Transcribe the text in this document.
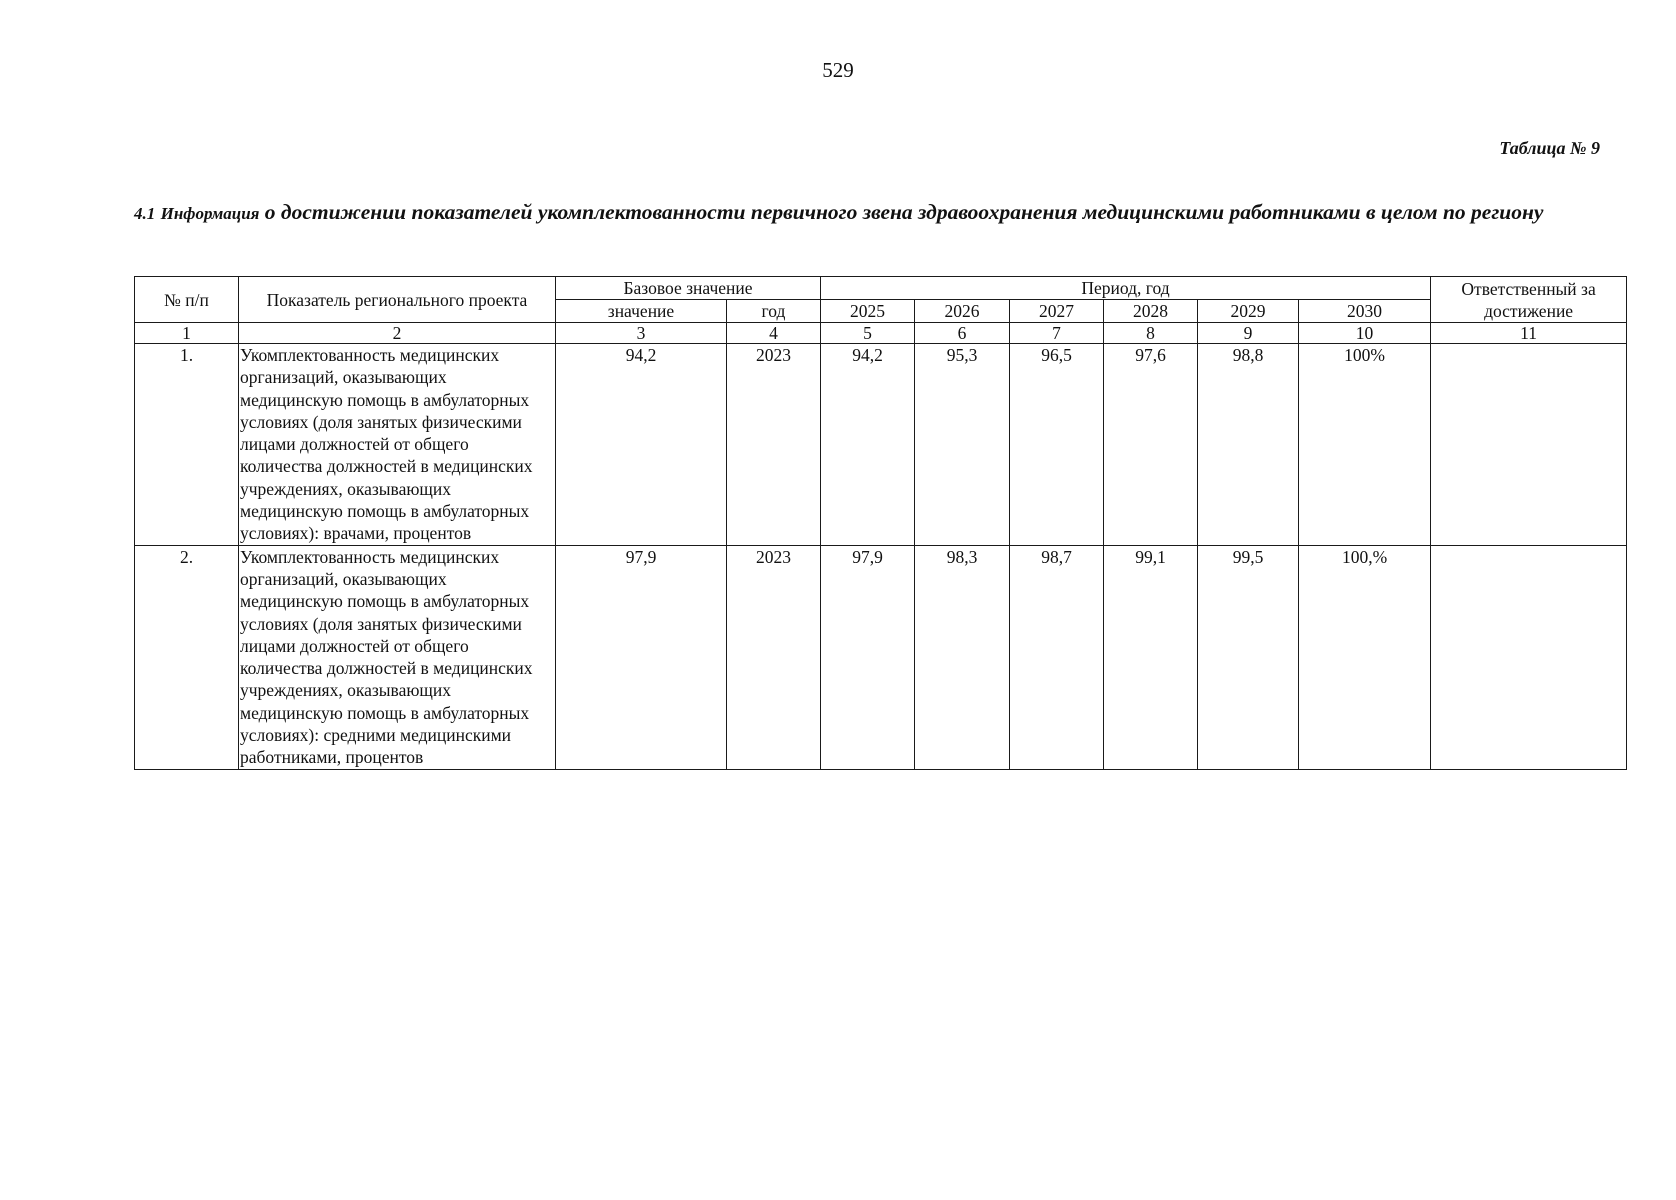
529
Таблица № 9
4.1 Информация о достижении показателей укомплектованности первичного звена здравоохранения медицинскими работниками в целом по региону
№ п/п	Показатель регионального проекта	Базовое значение		Период, год						Ответственный за достижение
		значение	год	2025	2026	2027	2028	2029	2030	
1	2	3	4	5	6	7	8	9	10	11
1.	Укомплектованность медицинских организаций, оказывающих медицинскую помощь в амбулаторных условиях (доля занятых физическими лицами должностей от общего количества должностей в медицинских учреждениях, оказывающих медицинскую помощь в амбулаторных условиях): врачами, процентов	94,2	2023	94,2	95,3	96,5	97,6	98,8	100%	
2.	Укомплектованность медицинских организаций, оказывающих медицинскую помощь в амбулаторных условиях (доля занятых физическими лицами должностей от общего количества должностей в медицинских учреждениях, оказывающих медицинскую помощь в амбулаторных условиях): средними медицинскими работниками, процентов	97,9	2023	97,9	98,3	98,7	99,1	99,5	100,%	
